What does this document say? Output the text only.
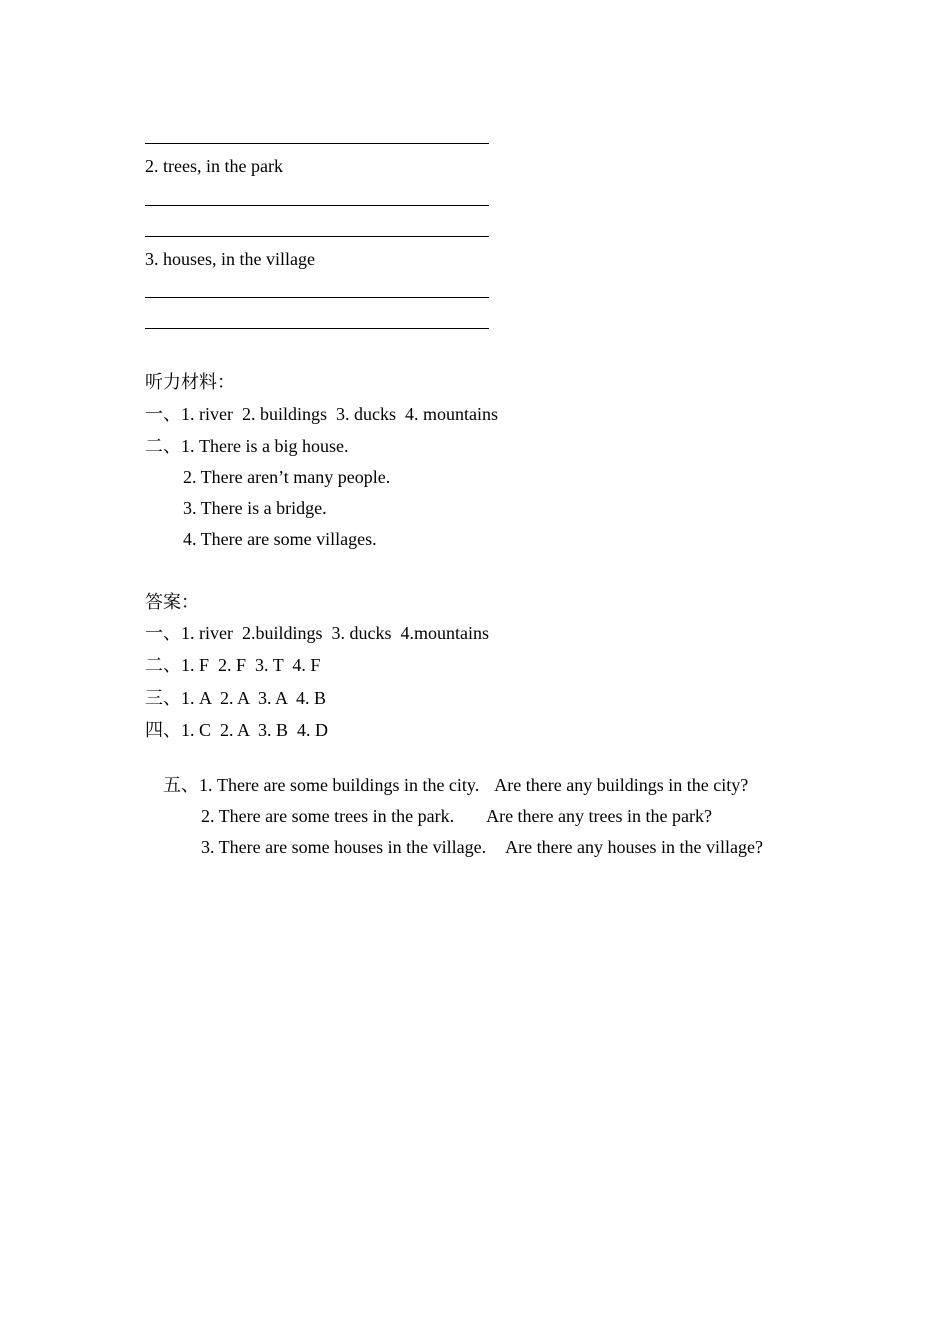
2. trees, in the park
3. houses, in the village
听力材料：
一、1. river  2. buildings  3. ducks  4. mountains
二、1. There is a big house.
2. There aren’t many people.
3. There is a bridge.
4. There are some villages.
答案：
一、1. river  2.buildings  3. ducks  4.mountains
二、1. F  2. F  3. T  4. F
三、1. A  2. A  3. A  4. B
四、1. C  2. A  3. B  4. D

五、1. There are some buildings in the city. Are there any buildings in the city?

2. There are some trees in the park. Are there any trees in the park?

3. There are some houses in the village. Are there any houses in the village?
